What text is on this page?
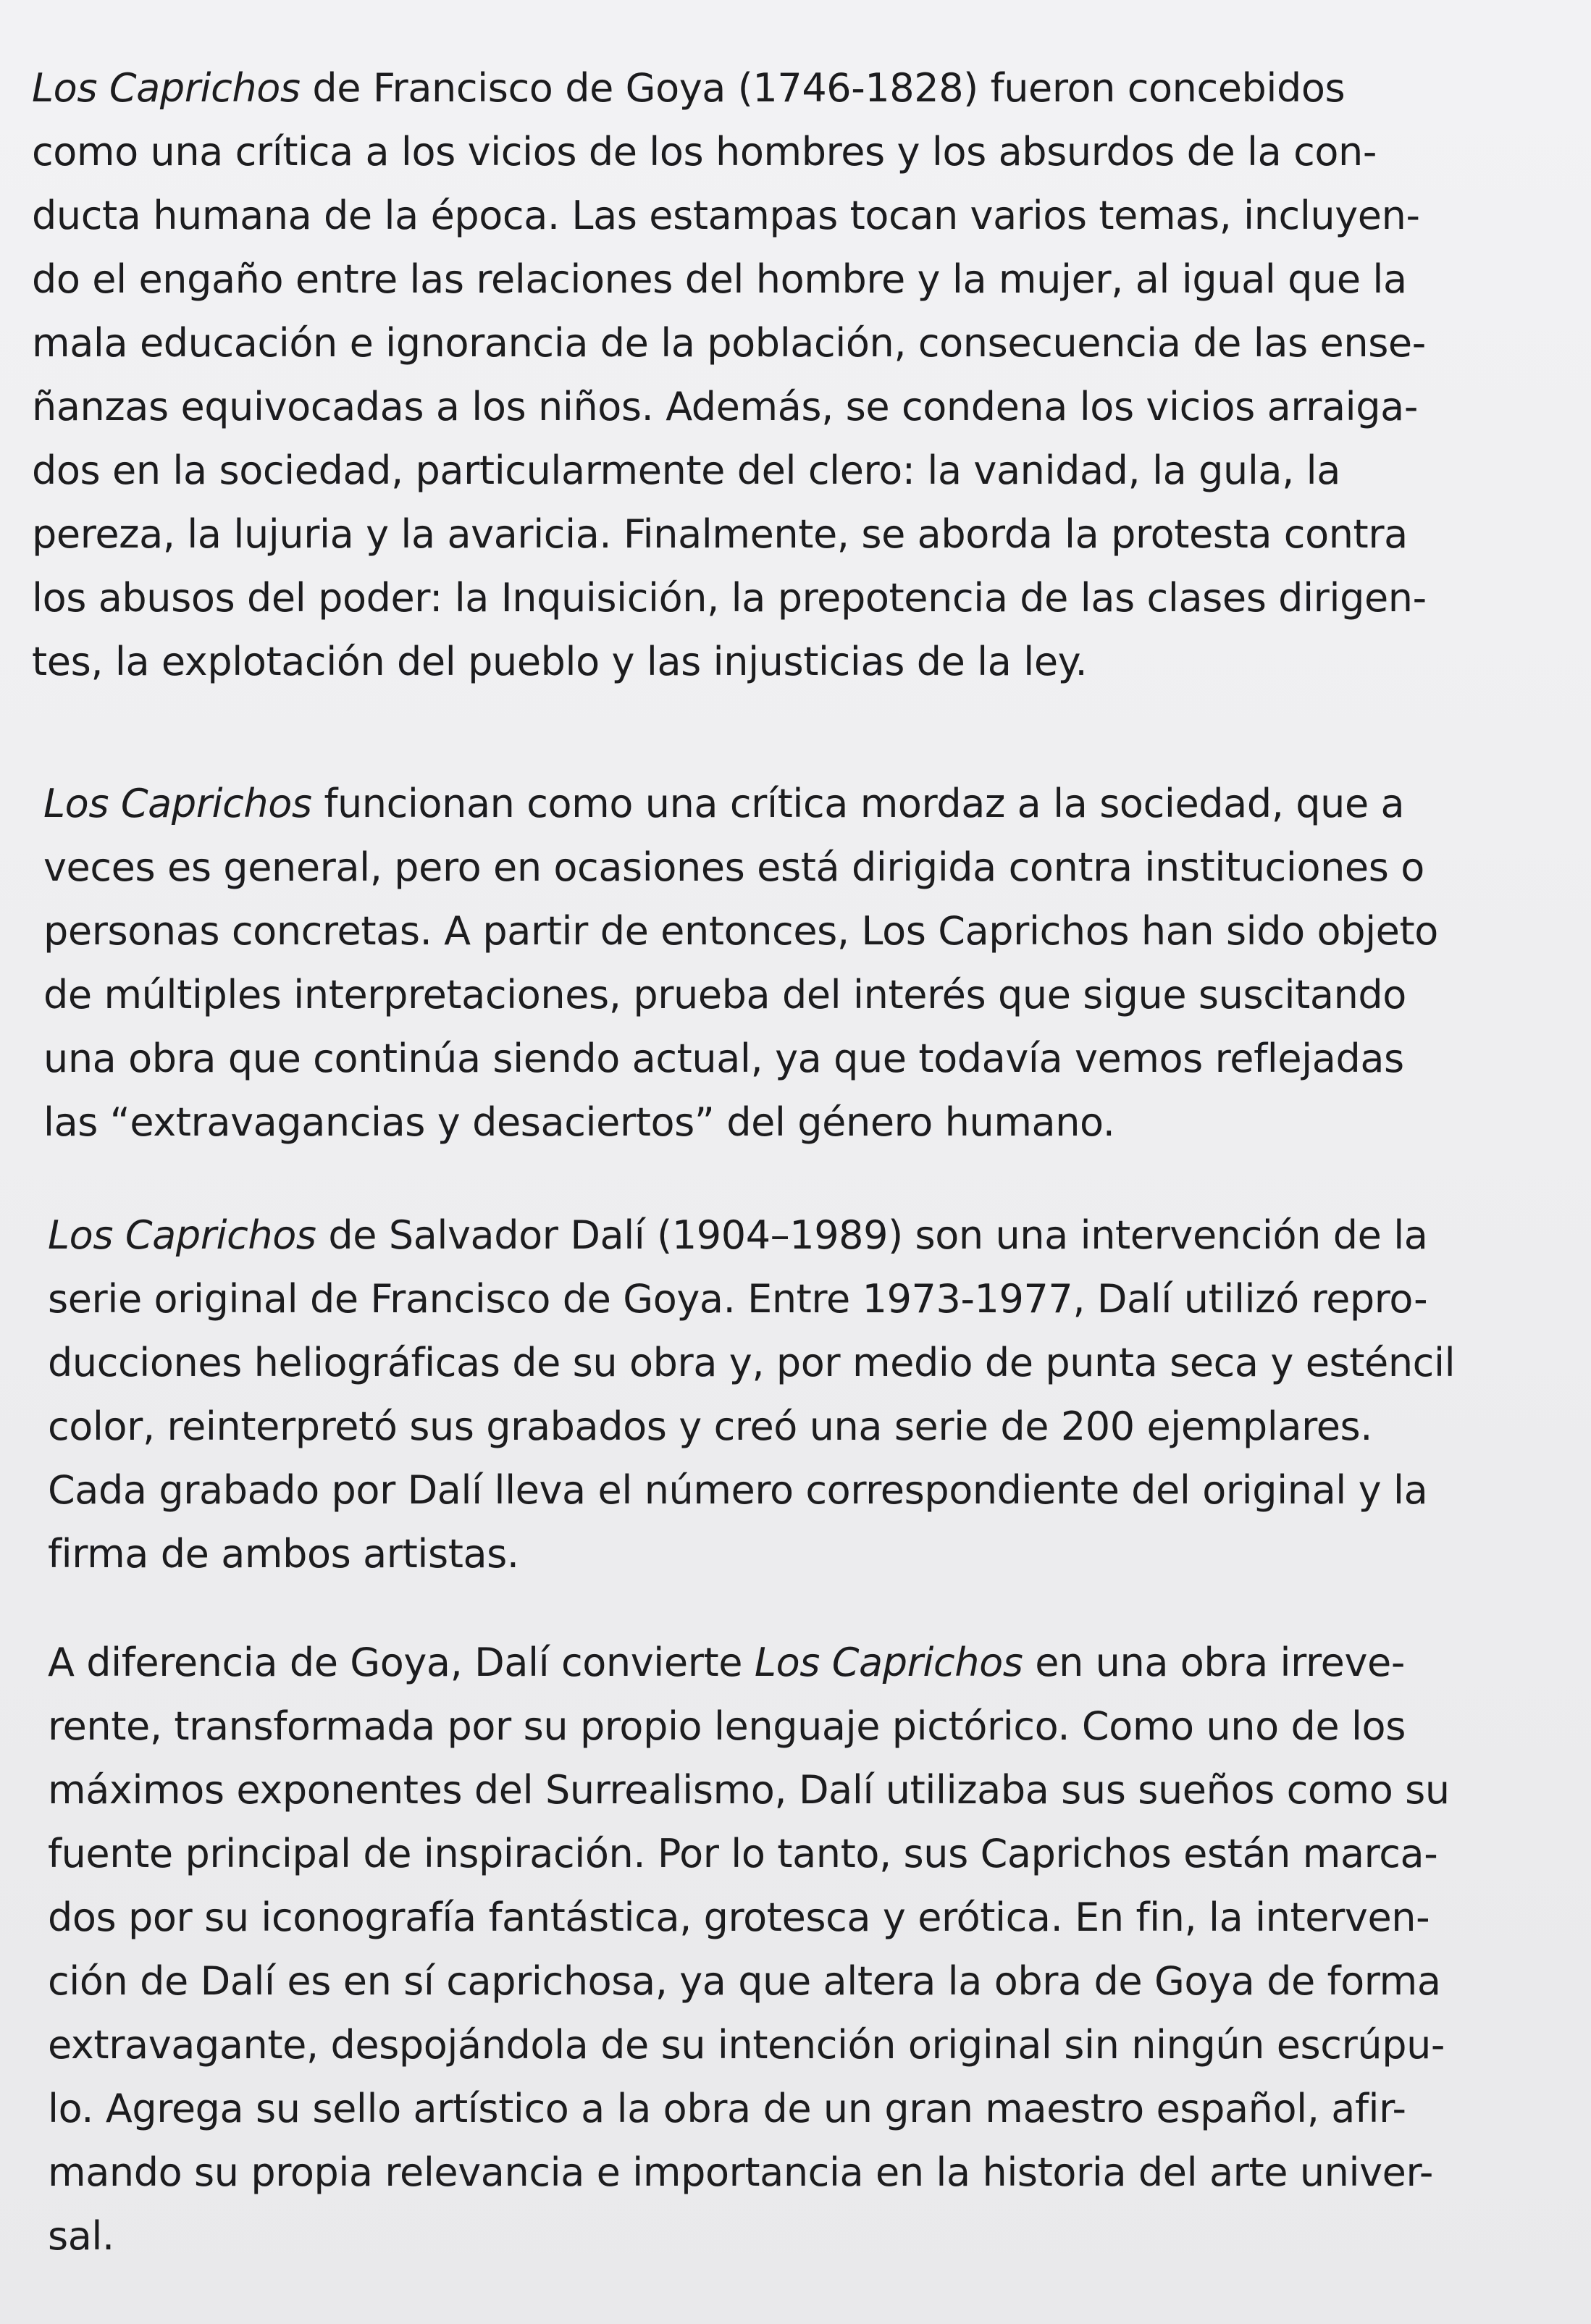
Los Caprichos de Francisco de Goya (1746-1828) fueron concebidos
como una crítica a los vicios de los hombres y los absurdos de la con-
ducta humana de la época. Las estampas tocan varios temas, incluyen-
do el engaño entre las relaciones del hombre y la mujer, al igual que la
mala educación e ignorancia de la población, consecuencia de las ense-
ñanzas equivocadas a los niños. Además, se condena los vicios arraiga-
dos en la sociedad, particularmente del clero: la vanidad, la gula, la
pereza, la lujuria y la avaricia. Finalmente, se aborda la protesta contra
los abusos del poder: la Inquisición, la prepotencia de las clases dirigen-
tes, la explotación del pueblo y las injusticias de la ley.
Los Caprichos funcionan como una crítica mordaz a la sociedad, que a
veces es general, pero en ocasiones está dirigida contra instituciones o
personas concretas. A partir de entonces, Los Caprichos han sido objeto
de múltiples interpretaciones, prueba del interés que sigue suscitando
una obra que continúa siendo actual, ya que todavía vemos reflejadas
las “extravagancias y desaciertos” del género humano.
Los Caprichos de Salvador Dalí (1904–1989) son una intervención de la
serie original de Francisco de Goya. Entre 1973-1977, Dalí utilizó repro-
ducciones heliográficas de su obra y, por medio de punta seca y esténcil
color, reinterpretó sus grabados y creó una serie de 200 ejemplares.
Cada grabado por Dalí lleva el número correspondiente del original y la
firma de ambos artistas.
A diferencia de Goya, Dalí convierte Los Caprichos en una obra irreve-
rente, transformada por su propio lenguaje pictórico. Como uno de los
máximos exponentes del Surrealismo, Dalí utilizaba sus sueños como su
fuente principal de inspiración. Por lo tanto, sus Caprichos están marca-
dos por su iconografía fantástica, grotesca y erótica. En fin, la interven-
ción de Dalí es en sí caprichosa, ya que altera la obra de Goya de forma
extravagante, despojándola de su intención original sin ningún escrúpu-
lo. Agrega su sello artístico a la obra de un gran maestro español, afir-
mando su propia relevancia e importancia en la historia del arte univer-
sal.
